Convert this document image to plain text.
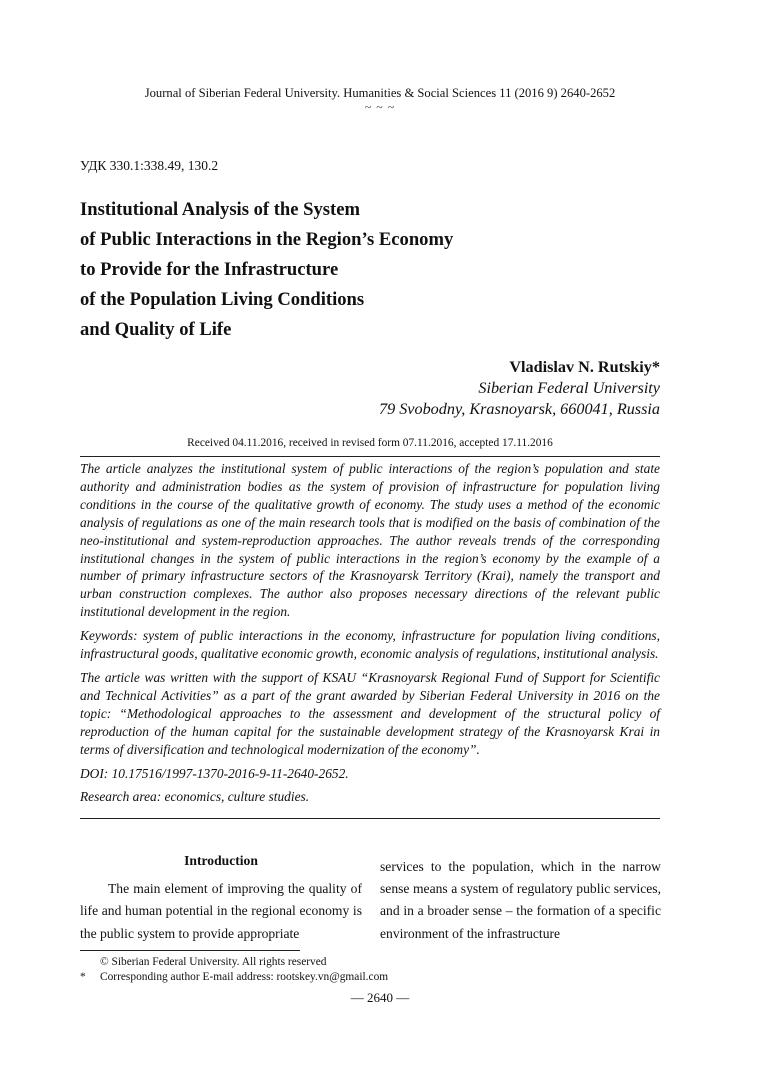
Journal of Siberian Federal University. Humanities & Social Sciences 11 (2016 9) 2640-2652
~ ~ ~
УДК 330.1:338.49, 130.2
Institutional Analysis of the System
of Public Interactions in the Region’s Economy
to Provide for the Infrastructure
of the Population Living Conditions
and Quality of Life
Vladislav N. Rutskiy*
Siberian Federal University
79 Svobodny, Krasnoyarsk, 660041, Russia
Received 04.11.2016, received in revised form 07.11.2016, accepted 17.11.2016

The article analyzes the institutional system of public interactions of the region’s population and state authority and administration bodies as the system of provision of infrastructure for population living conditions in the course of the qualitative growth of economy. The study uses a method of the economic analysis of regulations as one of the main research tools that is modified on the basis of combination of the neo-institutional and system-reproduction approaches. The author reveals trends of the corresponding institutional changes in the system of public interactions in the region’s economy by the example of a number of primary infrastructure sectors of the Krasnoyarsk Territory (Krai), namely the transport and urban construction complexes. The author also proposes necessary directions of the relevant public institutional development in the region.

Keywords: system of public interactions in the economy, infrastructure for population living conditions, infrastructural goods, qualitative economic growth, economic analysis of regulations, institutional analysis.

The article was written with the support of KSAU “Krasnoyarsk Regional Fund of Support for Scientific and Technical Activities” as a part of the grant awarded by Siberian Federal University in 2016 on the topic: “Methodological approaches to the assessment and development of the structural policy of reproduction of the human capital for the sustainable development strategy of the Krasnoyarsk Krai in terms of diversification and technological modernization of the economy”.

DOI: 10.17516/1997-1370-2016-9-11-2640-2652.

Research area: economics, culture studies.

Introduction

The main element of improving the quality of life and human potential in the regional economy is the public system to provide appropriate

services to the population, which in the narrow sense means a system of regulatory public services, and in a broader sense – the formation of a specific environment of the infrastructure

© Siberian Federal University. All rights reserved
* Corresponding author E-mail address: rootskey.vn@gmail.com
— 2640 —
